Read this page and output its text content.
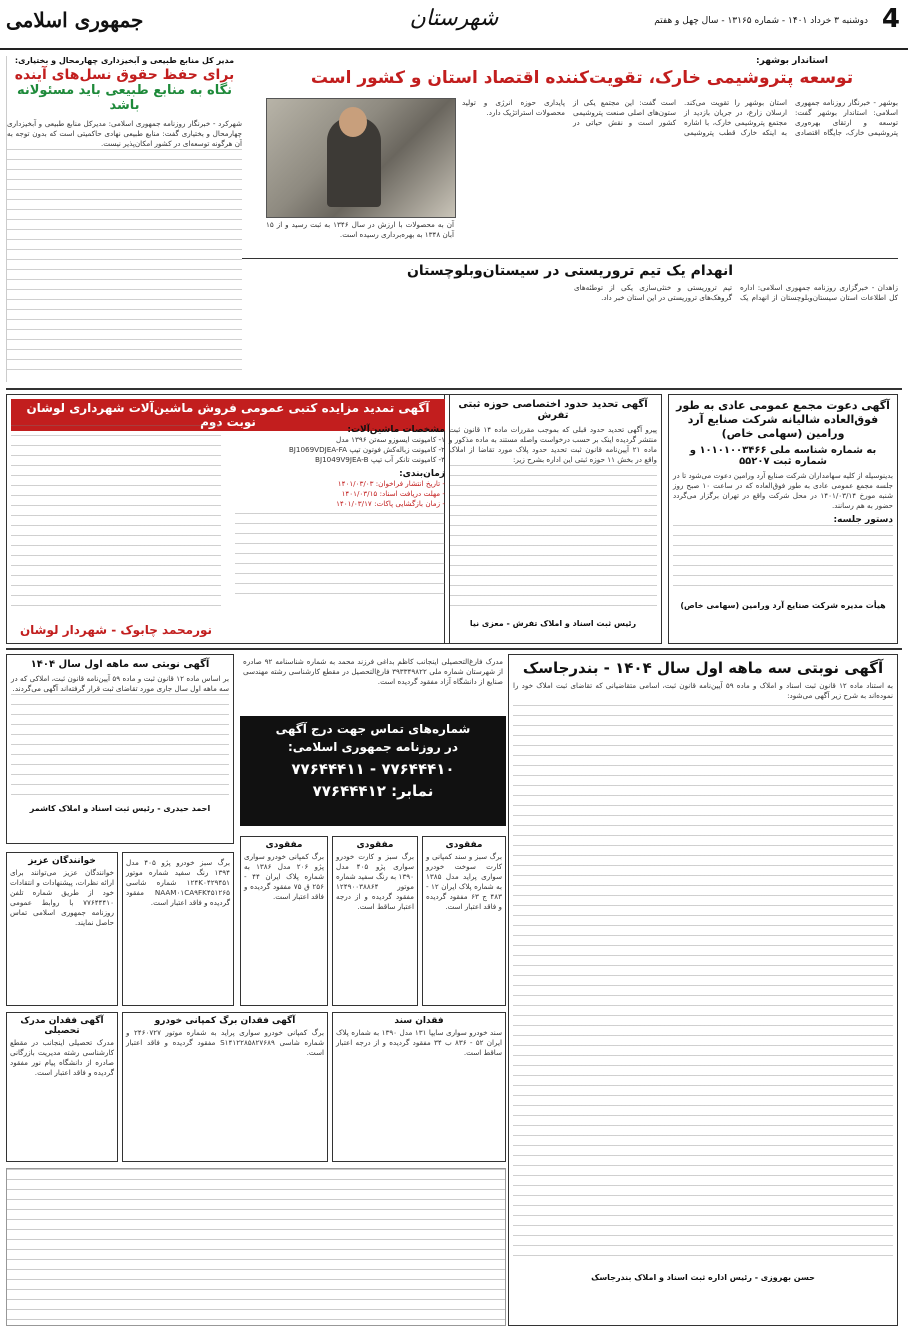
4
دوشنبه ۳ خرداد ۱۴۰۱ - شماره ۱۳۱۶۵ - سال چهل و هفتم
شهرستان
جمهوری اسلامی
استاندار بوشهر:
توسعه پتروشیمی خارک، تقویت‌کننده اقتصاد استان و کشور است
آن به محصولات با ارزش در سال ۱۳۴۶ به ثبت رسید و از ۱۵ آبان ۱۳۴۸ به بهره‌برداری رسیده است.
بوشهر - خبرنگار روزنامه جمهوری اسلامی: استاندار بوشهر گفت: توسعه و ارتقای بهره‌وری پتروشیمی خارک، جایگاه اقتصادی استان بوشهر را تقویت می‌کند. ارسلان زارع، در جریان بازدید از مجتمع پتروشیمی خارک، با اشاره به اینکه خارک قطب پتروشیمی است گفت: این مجتمع یکی از ستون‌های اصلی صنعت پتروشیمی کشور است و نقش حیاتی در پایداری حوزه انرژی و تولید محصولات استراتژیک دارد.
مدیر کل منابع طبیعی و آبخیزداری چهارمحال و بختیاری:
برای حفظ حقوق نسل‌های آینده
نگاه به منابع طبیعی باید مسئولانه باشد
شهرکرد - خبرنگار روزنامه جمهوری اسلامی: مدیرکل منابع طبیعی و آبخیزداری چهارمحال و بختیاری گفت: منابع طبیعی نهادی حاکمیتی است که بدون توجه به آن هرگونه توسعه‌ای در کشور امکان‌پذیر نیست.
انهدام یک تیم تروریستی در سیستان‌وبلوچستان
زاهدان - خبرگزاری روزنامه جمهوری اسلامی: اداره کل اطلاعات استان سیستان‌وبلوچستان از انهدام یک تیم تروریستی و خنثی‌سازی یکی از توطئه‌های گروهک‌های تروریستی در این استان خبر داد.
آگهی دعوت مجمع عمومی عادی به طور فوق‌العاده شالیانه شرکت صنایع آرد ورامین (سهامی خاص)
به شماره شناسه ملی ۱۰۱۰۱۰۰۳۴۶۶ و شماره ثبت ۵۵۲۰۷
بدینوسیله از کلیه سهامداران شرکت صنایع آرد ورامین دعوت می‌شود تا در جلسه مجمع عمومی عادی به طور فوق‌العاده که در ساعت ۱۰ صبح روز شنبه مورخ ۱۴۰۱/۰۳/۱۴ در محل شرکت واقع در تهران برگزار می‌گردد حضور به هم رسانند.
دستور جلسه:
هیأت مدیره شرکت صنایع آرد ورامین (سهامی خاص)
آگهی تحدید حدود اختصاصی حوزه ثبتی تفرش
پیرو آگهی تحدید حدود قبلی که بموجب مقررات ماده ۱۴ قانون ثبت منتشر گردیده اینک بر حسب درخواست واصله مستند به ماده مذکور و ماده ۲۱ آیین‌نامه قانون ثبت تحدید حدود پلاک مورد تقاضا از املاک واقع در بخش ۱۱ حوزه ثبتی این اداره بشرح زیر:
رئیس ثبت اسناد و املاک تفرش - معزی نیا
آگهی تمدید مزایده کتبی عمومی فروش ماشین‌آلات شهرداری لوشان نوبت دوم
مشخصات ماشین‌آلات:
۱- کامیونت ایسوزو سه‌تن ۱۳۹۶ مدل
۲- کامیونت زباله‌کش فوتون تیپ BJ1069VDJEA-FA
۳- کامیونت تانکر آب تیپ BJ1049V9JEA-B
زمان‌بندی:
- تاریخ انتشار فراخوان: ۱۴۰۱/۰۳/۰۳
- مهلت دریافت اسناد: ۱۴۰۱/۰۳/۱۵
- زمان بازگشایی پاکات: ۱۴۰۱/۰۳/۱۷
نورمحمد چابوک - شهردار لوشان
آگهی نوبتی سه ماهه اول سال ۱۴۰۴ - بندرجاسک
به استناد ماده ۱۲ قانون ثبت اسناد و املاک و ماده ۵۹ آیین‌نامه قانون ثبت، اسامی متقاضیانی که تقاضای ثبت املاک خود را نموده‌اند به شرح زیر آگهی می‌شود:
حسن بهروزی - رئیس اداره ثبت اسناد و املاک بندرجاسک
آگهی نوبتی سه ماهه اول سال ۱۴۰۴
بر اساس ماده ۱۲ قانون ثبت و ماده ۵۹ آیین‌نامه قانون ثبت، املاکی که در سه ماهه اول سال جاری مورد تقاضای ثبت قرار گرفته‌اند آگهی می‌گردند.
احمد حیدری - رئیس ثبت اسناد و املاک کاشمر
مدرک فارغ‌التحصیلی اینجانب کاظم بداغی فرزند محمد به شماره شناسنامه ۹۲ صادره از شهرستان شماره ملی ۳۹۳۳۴۹۸۲۲ فارغ‌التحصیل در مقطع کارشناسی رشته مهندسی صنایع از دانشگاه آزاد مفقود گردیده است.
شماره‌های تماس جهت درج آگهی
در روزنامه جمهوری اسلامی:
۷۷۶۴۴۴۱۰ - ۷۷۶۴۴۴۱۱
نمابر: ۷۷۶۴۴۴۱۲
مفقودی
برگ سبز و سند کمپانی و کارت سوخت خودرو سواری پراید مدل ۱۳۸۵ به شماره پلاک ایران ۱۲ - ۴۸۳ ج ۶۳ مفقود گردیده و فاقد اعتبار است.
مفقودی
برگ سبز و کارت خودرو سواری پژو ۴۰۵ مدل ۱۳۹۰ به رنگ سفید شماره موتور ۱۲۴۹۰۰۳۸۸۶۴ مفقود گردیده و از درجه اعتبار ساقط است.
مفقودی
برگ کمپانی خودرو سواری پژو ۲۰۶ مدل ۱۳۸۶ به شماره پلاک ایران ۴۴ - ۲۵۶ ق ۷۵ مفقود گردیده و فاقد اعتبار است.
برگ سبز خودرو پژو ۴۰۵ مدل ۱۳۹۴ رنگ سفید شماره موتور ۱۲۴K۰۴۲۹۴۵۱ شماره شاسی NAAM۰۱CA۹FK۴۵۱۲۶۵ مفقود گردیده و فاقد اعتبار است.
خوانندگان عزیز
خوانندگان عزیز می‌توانند برای ارائه نظرات، پیشنهادات و انتقادات خود از طریق شماره تلفن ۷۷۶۴۴۴۱۰ با روابط عمومی روزنامه جمهوری اسلامی تماس حاصل نمایند.
فقدان سند
سند خودرو سواری سایپا ۱۳۱ مدل ۱۳۹۰ به شماره پلاک ایران ۵۲ - ۸۳۶ ب ۳۴ مفقود گردیده و از درجه اعتبار ساقط است.
آگهی فقدان برگ کمپانی خودرو
برگ کمپانی خودرو سواری پراید به شماره موتور ۲۴۶۰۷۲۷ و شماره شاسی S۱۴۱۲۲۸۵۸۲۷۶۸۹ مفقود گردیده و فاقد اعتبار است.
آگهی فقدان مدرک تحصیلی
مدرک تحصیلی اینجانب در مقطع کارشناسی رشته مدیریت بازرگانی صادره از دانشگاه پیام نور مفقود گردیده و فاقد اعتبار است.
